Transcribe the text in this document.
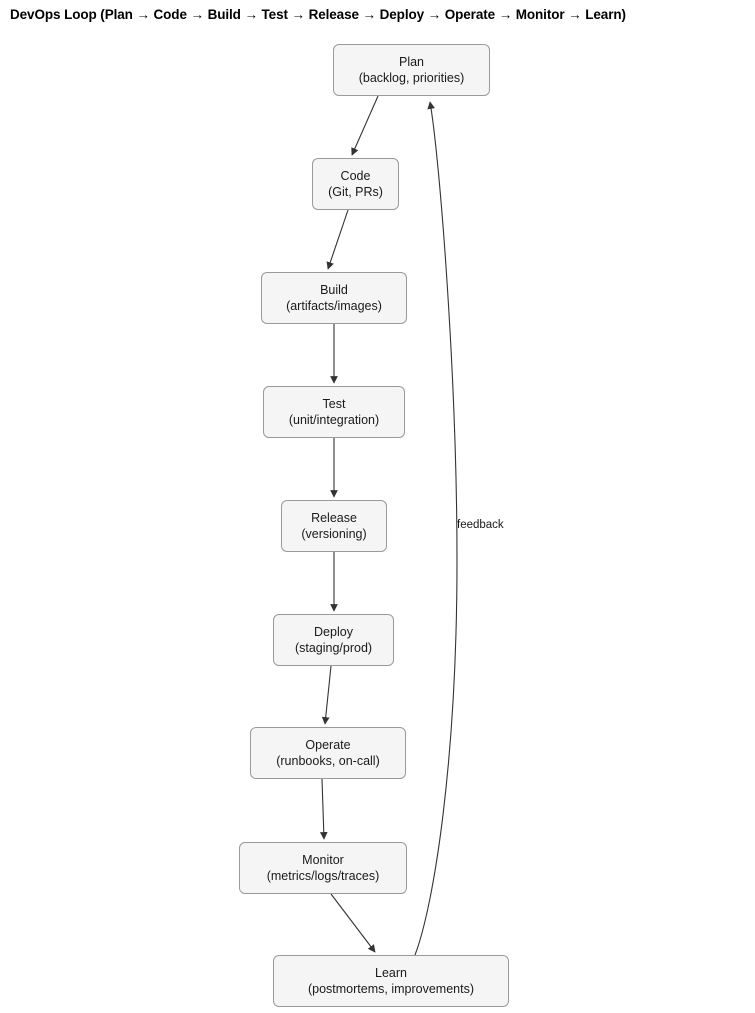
DevOps Loop (Plan → Code → Build → Test → Release → Deploy → Operate → Monitor → Learn)
feedback
Plan
(backlog, priorities)
Code
(Git, PRs)
Build
(artifacts/images)
Test
(unit/integration)
Release
(versioning)
Deploy
(staging/prod)
Operate
(runbooks, on-call)
Monitor
(metrics/logs/traces)
Learn
(postmortems, improvements)
